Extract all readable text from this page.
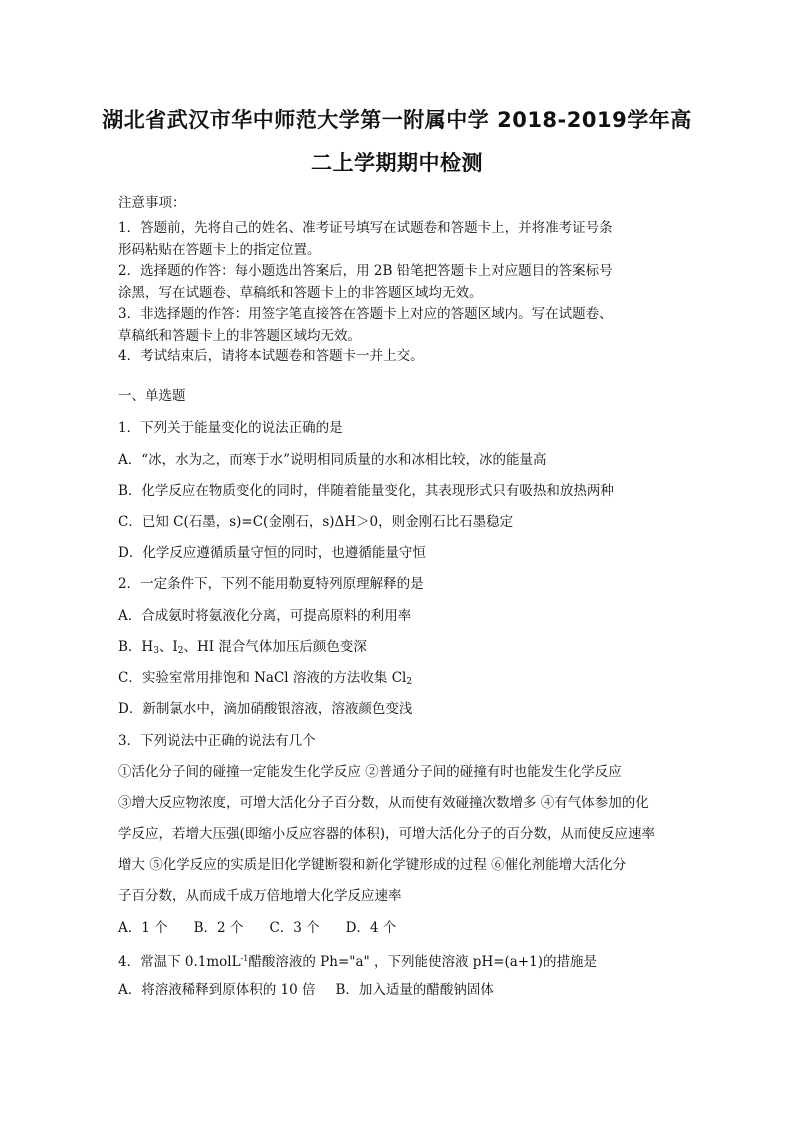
湖北省武汉市华中师范大学第一附属中学 2018-2019学年高
二上学期期中检测
注意事项：
1．答题前，先将自己的姓名、准考证号填写在试题卷和答题卡上，并将准考证号条
形码粘贴在答题卡上的指定位置。
2．选择题的作答：每小题选出答案后，用 2B 铅笔把答题卡上对应题目的答案标号
涂黑，写在试题卷、草稿纸和答题卡上的非答题区域均无效。
3．非选择题的作答：用签字笔直接答在答题卡上对应的答题区域内。写在试题卷、
草稿纸和答题卡上的非答题区域均无效。
4．考试结束后，请将本试题卷和答题卡一并上交。
一、单选题
1．下列关于能量变化的说法正确的是
A．“冰，水为之，而寒于水”说明相同质量的水和冰相比较，冰的能量高
B．化学反应在物质变化的同时，伴随着能量变化，其表现形式只有吸热和放热两种
C．已知 C(石墨，s)=C(金刚石，s)ΔH＞0，则金刚石比石墨稳定
D．化学反应遵循质量守恒的同时，也遵循能量守恒
2．一定条件下，下列不能用勒夏特列原理解释的是
A．合成氨时将氨液化分离，可提高原料的利用率
B．$H_3$、$I_2$、HI 混合气体加压后颜色变深
C．实验室常用排饱和 NaCl 溶液的方法收集 $Cl_2$
D．新制氯水中，滴加硝酸银溶液，溶液颜色变浅
3．下列说法中正确的说法有几个
①活化分子间的碰撞一定能发生化学反应 ②普通分子间的碰撞有时也能发生化学反应
③增大反应物浓度，可增大活化分子百分数，从而使有效碰撞次数增多 ④有气体参加的化
学反应，若增大压强(即缩小反应容器的体积)，可增大活化分子的百分数，从而使反应速率
增大 ⑤化学反应的实质是旧化学键断裂和新化学键形成的过程 ⑥催化剂能增大活化分
子百分数，从而成千成万倍地增大化学反应速率
A．1 个 B．2 个 C．3 个 D．4 个
4．常温下 0.1molL$^{-1}$醋酸溶液的 Ph="a" ，下列能使溶液 pH=(a+1)的措施是
A．将溶液稀释到原体积的 10 倍 B．加入适量的醋酸钠固体
